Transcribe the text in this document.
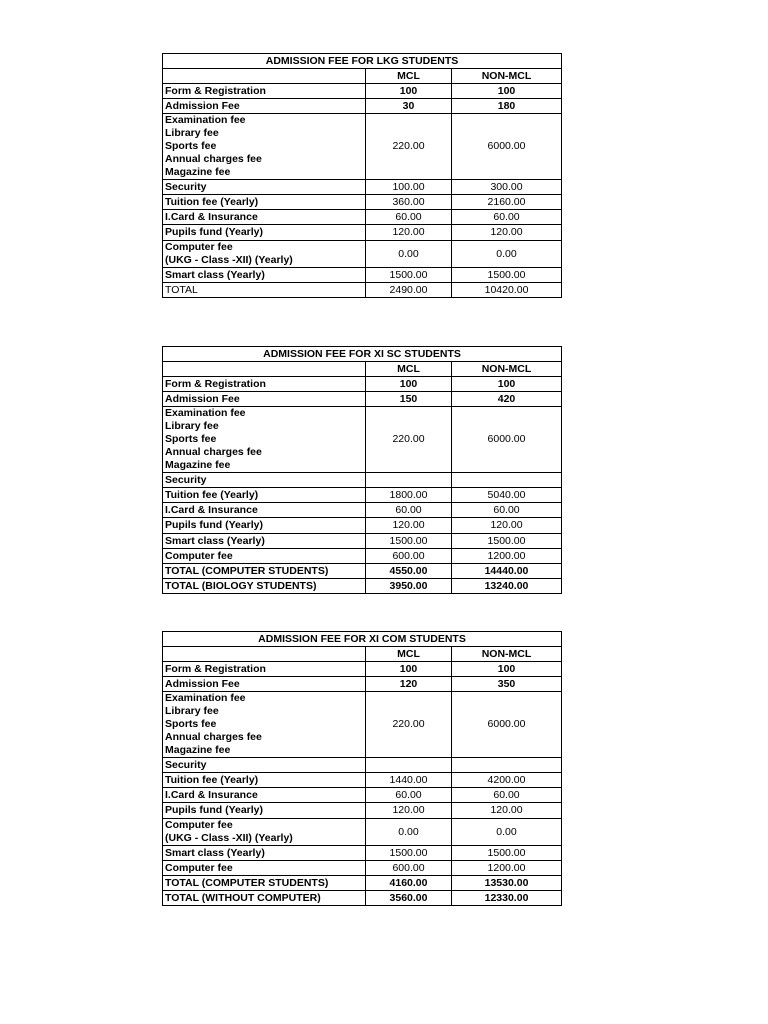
ADMISSION FEE FOR LKG STUDENTS		
	MCL	NON-MCL
Form & Registration	100	100
Admission Fee	30	180

Examination fee
Library fee
Sports fee
Annual charges fee
Magazine fee	220.00	6000.00
Security	100.00	300.00
Tuition fee (Yearly)	360.00	2160.00
I.Card & Insurance	60.00	60.00
Pupils fund (Yearly)	120.00	120.00

Computer fee
(UKG - Class -XII) (Yearly)	0.00	0.00
Smart class (Yearly)	1500.00	1500.00
TOTAL	2490.00	10420.00
ADMISSION FEE FOR XI SC STUDENTS		
	MCL	NON-MCL
Form & Registration	100	100
Admission Fee	150	420

Examination fee
Library fee
Sports fee
Annual charges fee
Magazine fee	220.00	6000.00
Security		
Tuition fee (Yearly)	1800.00	5040.00
I.Card & Insurance	60.00	60.00
Pupils fund (Yearly)	120.00	120.00
Smart class (Yearly)	1500.00	1500.00
Computer fee	600.00	1200.00
TOTAL (COMPUTER STUDENTS)	4550.00	14440.00
TOTAL (BIOLOGY STUDENTS)	3950.00	13240.00
ADMISSION FEE FOR XI COM STUDENTS		
	MCL	NON-MCL
Form & Registration	100	100
Admission Fee	120	350

Examination fee
Library fee
Sports fee
Annual charges fee
Magazine fee	220.00	6000.00
Security		
Tuition fee (Yearly)	1440.00	4200.00
I.Card & Insurance	60.00	60.00
Pupils fund (Yearly)	120.00	120.00

Computer fee
(UKG - Class -XII) (Yearly)	0.00	0.00
Smart class (Yearly)	1500.00	1500.00
Computer fee	600.00	1200.00
TOTAL (COMPUTER STUDENTS)	4160.00	13530.00
TOTAL (WITHOUT COMPUTER)	3560.00	12330.00
